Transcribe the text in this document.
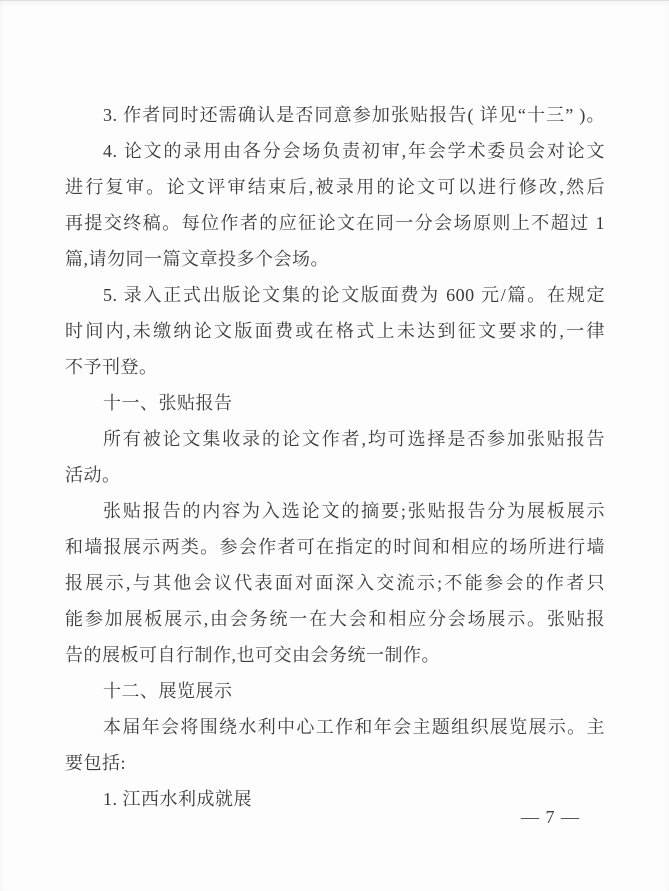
3. 作者同时还需确认是否同意参加张贴报告( 详见“十三” )。
4. 论文的录用由各分会场负责初审,年会学术委员会对论文
进行复审。论文评审结束后,被录用的论文可以进行修改,然后
再提交终稿。每位作者的应征论文在同一分会场原则上不超过 1
篇,请勿同一篇文章投多个会场。
5. 录入正式出版论文集的论文版面费为 600 元/篇。在规定
时间内,未缴纳论文版面费或在格式上未达到征文要求的,一律
不予刊登。
十一、张贴报告
所有被论文集收录的论文作者,均可选择是否参加张贴报告
活动。
张贴报告的内容为入选论文的摘要;张贴报告分为展板展示
和墙报展示两类。参会作者可在指定的时间和相应的场所进行墙
报展示,与其他会议代表面对面深入交流示;不能参会的作者只
能参加展板展示,由会务统一在大会和相应分会场展示。张贴报
告的展板可自行制作,也可交由会务统一制作。
十二、展览展示
本届年会将围绕水利中心工作和年会主题组织展览展示。主
要包括:
1. 江西水利成就展
— 7 —
